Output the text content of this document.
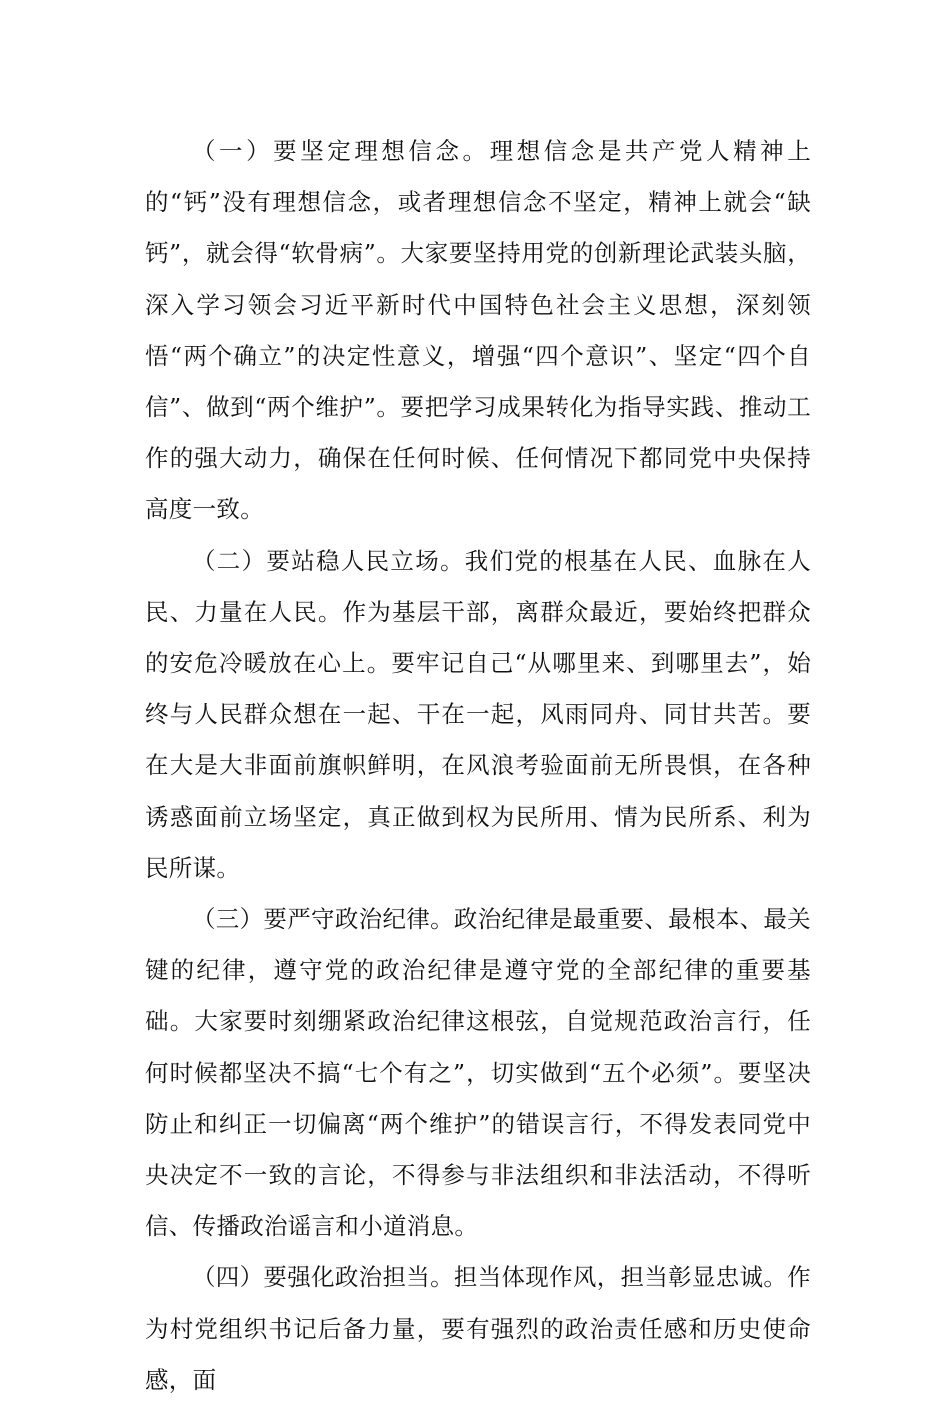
（一）要坚定理想信念。理想信念是共产党人精神上的“钙”没有理想信念，或者理想信念不坚定，精神上就会“缺钙”，就会得“软骨病”。大家要坚持用党的创新理论武装头脑，深入学习领会习近平新时代中国特色社会主义思想，深刻领悟“两个确立”的决定性意义，增强“四个意识”、坚定“四个自信”、做到“两个维护”。要把学习成果转化为指导实践、推动工作的强大动力，确保在任何时候、任何情况下都同党中央保持高度一致。

（二）要站稳人民立场。我们党的根基在人民、血脉在人民、力量在人民。作为基层干部，离群众最近，要始终把群众的安危冷暖放在心上。要牢记自己“从哪里来、到哪里去”，始终与人民群众想在一起、干在一起，风雨同舟、同甘共苦。要在大是大非面前旗帜鲜明，在风浪考验面前无所畏惧，在各种诱惑面前立场坚定，真正做到权为民所用、情为民所系、利为民所谋。

（三）要严守政治纪律。政治纪律是最重要、最根本、最关键的纪律，遵守党的政治纪律是遵守党的全部纪律的重要基础。大家要时刻绷紧政治纪律这根弦，自觉规范政治言行，任何时候都坚决不搞“七个有之”，切实做到“五个必须”。要坚决防止和纠正一切偏离“两个维护”的错误言行，不得发表同党中央决定不一致的言论，不得参与非法组织和非法活动，不得听信、传播政治谣言和小道消息。

（四）要强化政治担当。担当体现作风，担当彰显忠诚。作为村党组织书记后备力量，要有强烈的政治责任感和历史使命感，面
